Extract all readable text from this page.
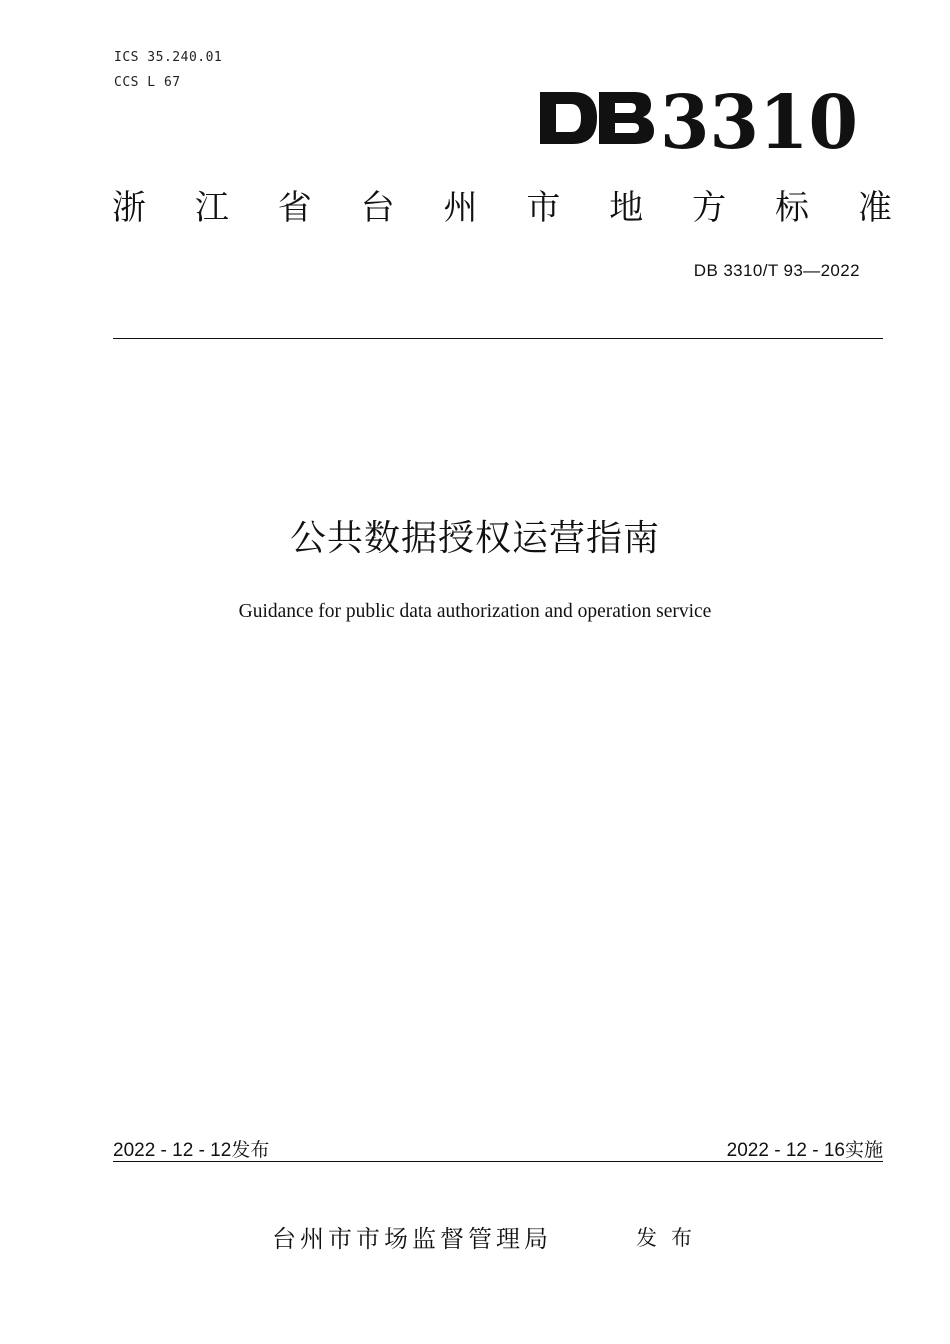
ICS 35.240.01
CCS L 67	3310
浙 江 省 台 州 市 地 方 标 准
DB 3310/T 93—2022
公共数据授权运营指南
Guidance for public data authorization and operation service
2022 - 12 - 12发布	2022 - 12 - 16实施
台州市市场监督管理局	发布
